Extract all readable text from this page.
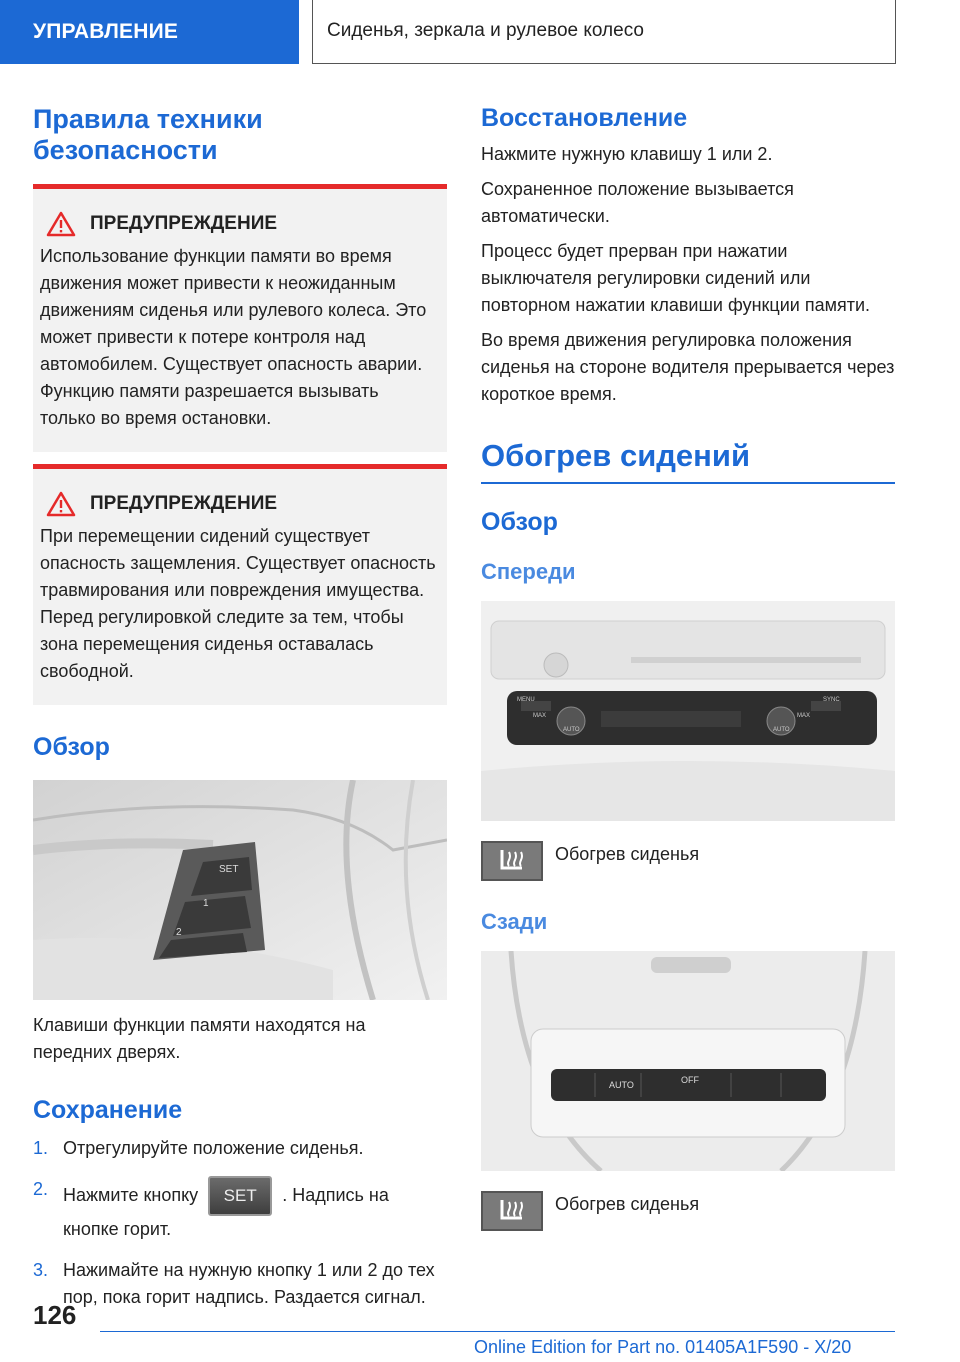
УПРАВЛЕНИЕ	Сиденья, зеркала и рулевое колесо
Правила техники безопасности
ПРЕДУПРЕЖДЕНИЕ

Использование функции памяти во время движения может привести к неожиданным движениям сиденья или рулевого колеса. Это может привести к потере контроля над автомобилем. Существует опасность аварии. Функцию памяти разрешается вызывать только во время остановки.

ПРЕДУПРЕЖДЕНИЕ

При перемещении сидений существует опасность защемления. Существует опасность травмирования или повреждения имущества. Перед регулировкой следите за тем, чтобы зона перемещения сиденья оставалась свободной.

Обзор
SET
1
2

Клавиши функции памяти находятся на передних дверях.

Сохранение
1. Отрегулируйте положение сиденья.
2. Нажмите кнопку SET . Надпись на кнопке горит.
3. Нажимайте на нужную кнопку 1 или 2 до тех пор, пока горит надпись. Раздается сигнал.
Восстановление

Нажмите нужную клавишу 1 или 2.

Сохраненное положение вызывается автоматически.

Процесс будет прерван при нажатии выключателя регулировки сидений или повторном нажатии клавиши функции памяти.

Во время движения регулировка положения сиденья на стороне водителя прерывается через короткое время.

Обогрев сидений
Обзор
Спереди
MENU
MAX
AUTO
SYNC
AUTO
MAX

Обогрев сиденья

Сзади
AUTO	OFF

Обогрев сиденья

126
Online Edition for Part no. 01405A1F590 - X/20
